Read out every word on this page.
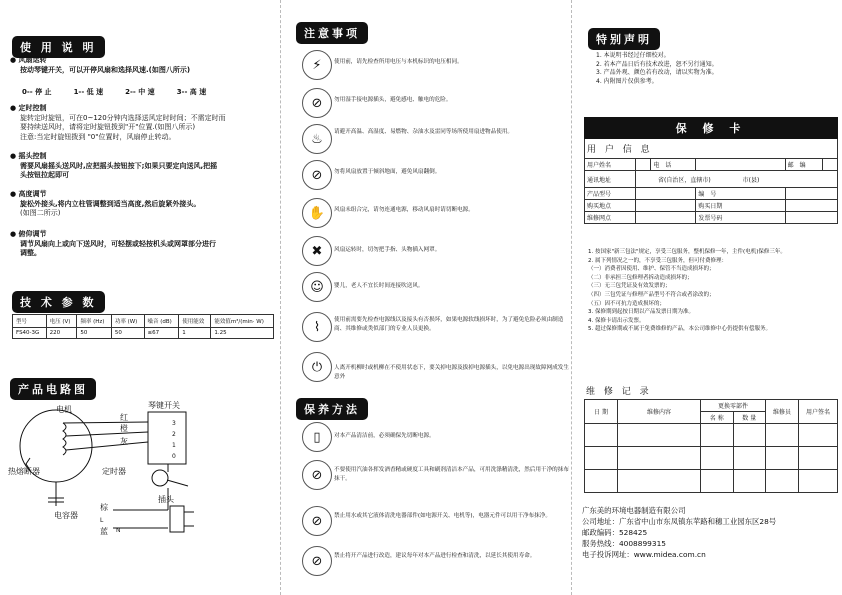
使 用 说 明

● 风扇运转

按动琴键开关，可以开停风扇和选择风速.(如图八所示)

0-- 停 止	1-- 低 速	2-- 中 速	3-- 高 速

● 定时控制

旋转定时旋钮，可在0~120分钟内选择送风定时时间；不需定时而

要持续送风时，请将定时旋钮拨到"开"位置.(如图八所示)

注意:当定时旋钮拨到 "0"位置时，风扇停止转动。

● 摇头控制

需要风扇摇头送风时,应把摇头按钮按下;如果只要定向送风,把摇

头按钮拉起即可

● 高度调节

旋松外接头,将内立柱管调整到适当高度,然后旋紧外接头。

(如图二所示)

● 俯仰调节

调节风扇向上或向下送风时，可轻摆或轻按机头或网罩部分进行

调整。

技 术 参 数
型号	电压 (V)	频率 (Hz)	功率 (W)	噪音 (dB)	使用能效	能效值m³/(min· W)
FS40-3G	220	50	50	≤67	1	1.25
产品电路图
电机	琴键开关
红
橙
灰
3
2
1
0
定时器
热熔断器
电容器
棕
L
蓝 N
插头
注意事项
⚡	使用前，请先检查所用电压与本机标识的电压相同。
⊘	勿用湿手接电源插头，避免感电、触电的危险。
♨	请避开高温、高湿度、易燃物、杂油水及雷同等场所使用扇进物品使用。
⊘	勿将风扇放置于倾斜地面，避免风扇翻倒。
✋	风扇未组合完，请勿连通电源，移动风扇时请切断电源。
✖	风扇运转时，切勿把手指、头物插入网罩。
☺	婴儿，老人不宜长时间连接吹送风。
⌇	使用前需要先检查电源线以及接头有否损坏，如果电源软线损坏时，为了避免危险必须由制造商、其维修或类似部门的专业人员更换。
⏻	人离开机柳时或机柳在不使用状态下，要关掉电源及拔掉电源插头，以免电源出现故障网成发生意外
保养方法
▯	对本产品清洁前，必须确保先切断电源。
⊘	不要使用汽油各挥发酒香精或硬度工具和刷剂清洁本产品，可用洗涤精清洗，然后用干净的抹布抹干。
⊘	禁止用水或其它液体清洗电器部件(如电源开关、电机等)，电器元件可以用干净布抹净。
⊘	禁止将开产品进行改造，建议每年对本产品进行检查和清洗，以延长其使用寿命。
特别声明

1. 本说明书经过仔细校对。

2. 若本产品日后有技术改进，恕不另行通知。

3. 产品外观、颜色若有改动，请以实物为准。

4. 内附图片仅供参考。

保 修 卡
用 户 信 息
用户姓名		电　话		邮　编	
通讯地址	省(自治区，直辖市) 市(县)				
产品型号			编　号		
购买地点			购买日期		
维修网点			发票号码		

1. 按国家"新三包法"规定，享受三包服务，整机保修一年，主件(电机)保修三年。

2. 属下列情况之一的，不享受三包服务，但可付费修理：

（一）消费者因使用、维护、保管不当造成损坏的；

（二）非承担三包修理者拆动造成损坏的；

（三）无三包凭证及有效发票的；

（四）三包凭证与修理产品型号不符合或者涂改的；

（五）因不可抗力造成损坏的；

3. 保修期到起按日期以产品发票日期为准。

4. 保修卡请出示发票。

5. 超过保修期或不属于免费维修的产品，本公司维修中心仍提供有偿服务。

维 修 记 录
日 期	维修内容	更换零部件		维修员	用户签名
		名 称	数 量		

广东美的环境电器制造有限公司

公司地址：广东省中山市东凤镇东苹路和穗工业园东区28号

邮政编码：528425

服务热线：4008899315

电子投诉网址：www.midea.com.cn
